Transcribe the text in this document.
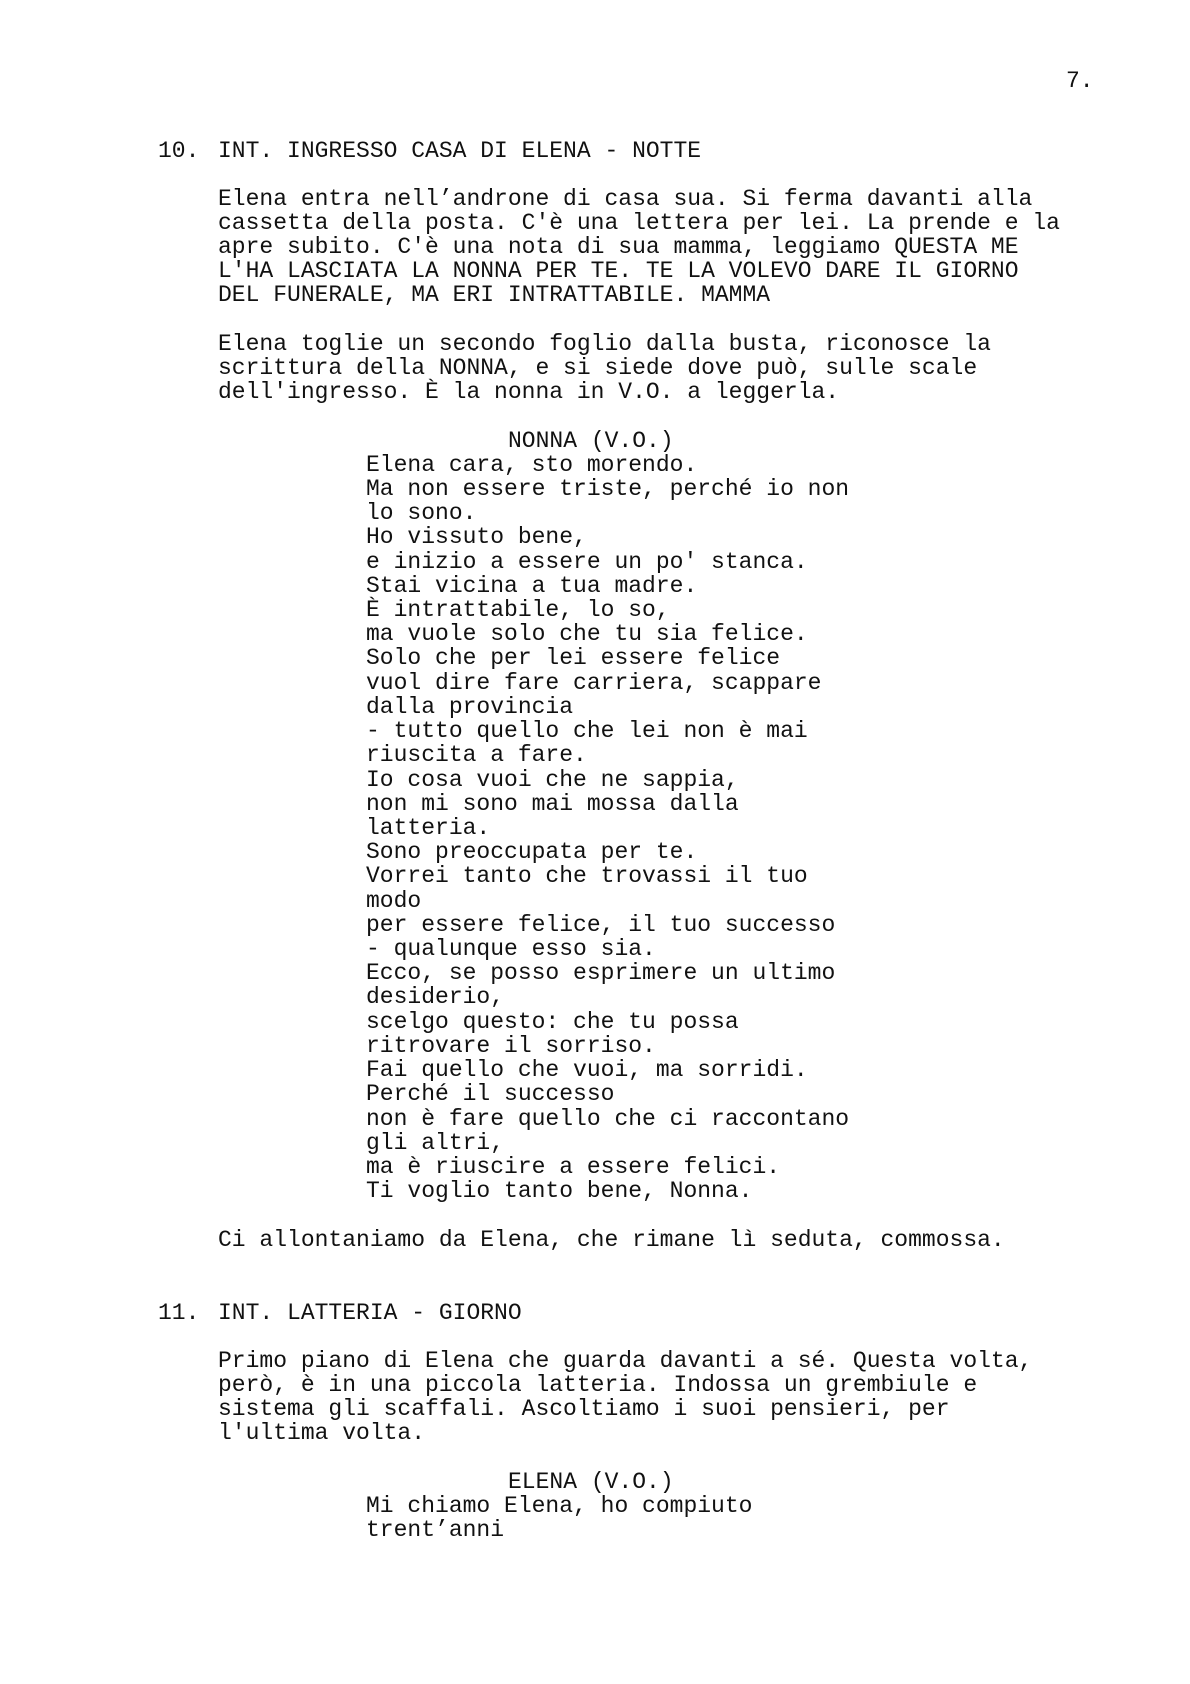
7.
10. INT. INGRESSO CASA DI ELENA - NOTTE
Elena entra nell’androne di casa sua. Si ferma davanti alla
cassetta della posta. C'è una lettera per lei. La prende e la
apre subito. C'è una nota di sua mamma, leggiamo QUESTA ME
L'HA LASCIATA LA NONNA PER TE. TE LA VOLEVO DARE IL GIORNO
DEL FUNERALE, MA ERI INTRATTABILE. MAMMA
Elena toglie un secondo foglio dalla busta, riconosce la
scrittura della NONNA, e si siede dove può, sulle scale
dell'ingresso. È la nonna in V.O. a leggerla.
NONNA (V.O.)
Elena cara, sto morendo.
Ma non essere triste, perché io non
lo sono.
Ho vissuto bene,
e inizio a essere un po' stanca.
Stai vicina a tua madre.
È intrattabile, lo so,
ma vuole solo che tu sia felice.
Solo che per lei essere felice
vuol dire fare carriera, scappare
dalla provincia
- tutto quello che lei non è mai
riuscita a fare.
Io cosa vuoi che ne sappia,
non mi sono mai mossa dalla
latteria.
Sono preoccupata per te.
Vorrei tanto che trovassi il tuo
modo
per essere felice, il tuo successo
- qualunque esso sia.
Ecco, se posso esprimere un ultimo
desiderio,
scelgo questo: che tu possa
ritrovare il sorriso.
Fai quello che vuoi, ma sorridi.
Perché il successo
non è fare quello che ci raccontano
gli altri,
ma è riuscire a essere felici.
Ti voglio tanto bene, Nonna.
Ci allontaniamo da Elena, che rimane lì seduta, commossa.
11. INT. LATTERIA - GIORNO
Primo piano di Elena che guarda davanti a sé. Questa volta,
però, è in una piccola latteria. Indossa un grembiule e
sistema gli scaffali. Ascoltiamo i suoi pensieri, per
l'ultima volta.
ELENA (V.O.)
Mi chiamo Elena, ho compiuto
trent’anni
